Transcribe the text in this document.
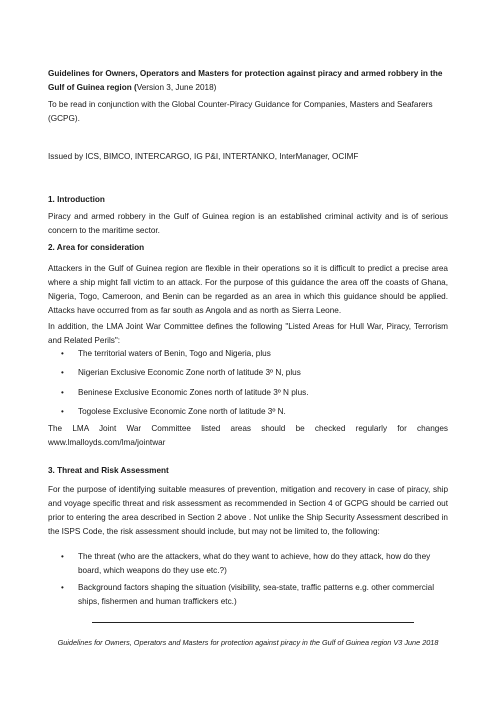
Guidelines for Owners, Operators and Masters for protection against piracy and armed robbery in the Gulf of Guinea region (Version 3, June 2018)

To be read in conjunction with the Global Counter-Piracy Guidance for Companies, Masters and Seafarers (GCPG).

Issued by ICS, BIMCO, INTERCARGO, IG P&I, INTERTANKO, InterManager, OCIMF

1. Introduction

Piracy and armed robbery in the Gulf of Guinea region is an established criminal activity and is of serious concern to the maritime sector.

2. Area for consideration

Attackers in the Gulf of Guinea region are flexible in their operations so it is difficult to predict a precise area where a ship might fall victim to an attack. For the purpose of this guidance the area off the coasts of Ghana, Nigeria, Togo, Cameroon, and Benin can be regarded as an area in which this guidance should be applied. Attacks have occurred from as far south as Angola and as north as Sierra Leone.

In addition, the LMA Joint War Committee defines the following "Listed Areas for Hull War, Piracy, Terrorism and Related Perils":

•	The territorial waters of Benin, Togo and Nigeria, plus
•	Nigerian Exclusive Economic Zone north of latitude 3º N, plus
•	Beninese Exclusive Economic Zones north of latitude 3º N plus.
•	Togolese Exclusive Economic Zone north of latitude 3º N.

The LMA Joint War Committee listed areas should be checked regularly for changes www.lmalloyds.com/lma/jointwar

3. Threat and Risk Assessment

For the purpose of identifying suitable measures of prevention, mitigation and recovery in case of piracy, ship and voyage specific threat and risk assessment as recommended in Section 4 of GCPG should be carried out prior to entering the area described in Section 2 above . Not unlike the Ship Security Assessment described in the ISPS Code, the risk assessment should include, but may not be limited to, the following:

•	The threat (who are the attackers, what do they want to achieve, how do they attack, how do they board, which weapons do they use etc.?)
•	Background factors shaping the situation (visibility, sea-state, traffic patterns e.g. other commercial ships, fishermen and human traffickers etc.)

Guidelines for Owners, Operators and Masters for protection against piracy in the Gulf of Guinea region V3 June 2018
